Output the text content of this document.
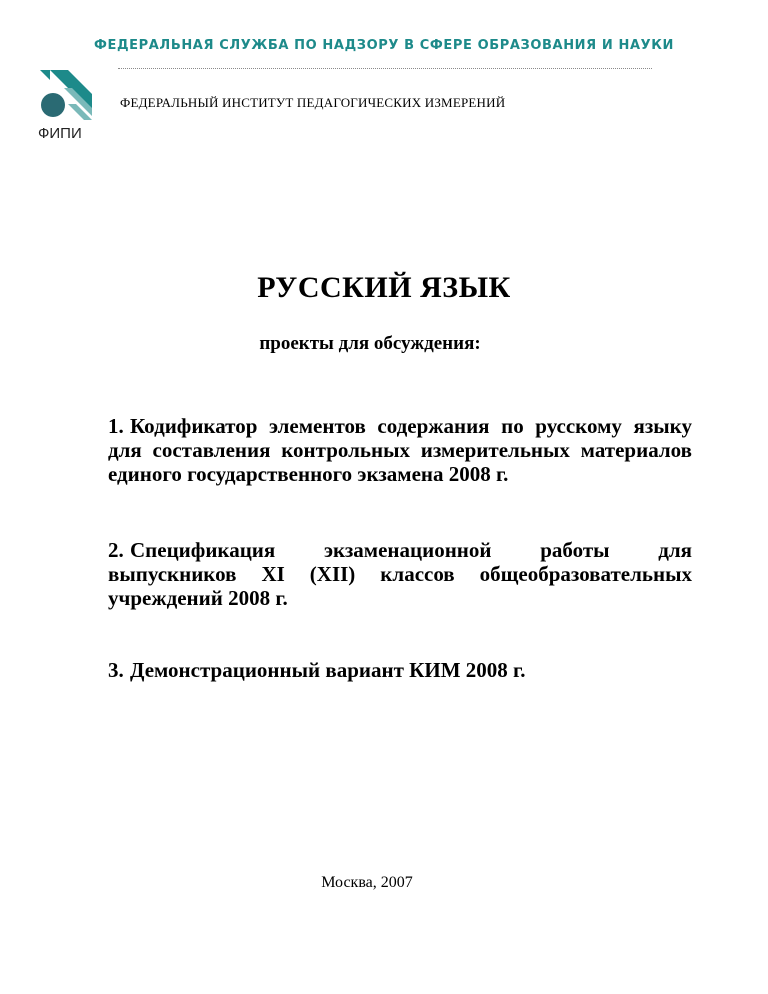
ФЕДЕРАЛЬНАЯ СЛУЖБА ПО НАДЗОРУ В СФЕРЕ ОБРАЗОВАНИЯ И НАУКИ
ФИПИ
ФЕДЕРАЛЬНЫЙ ИНСТИТУТ ПЕДАГОГИЧЕСКИХ ИЗМЕРЕНИЙ
РУССКИЙ ЯЗЫК
проекты для обсуждения:
1. Кодификатор элементов содержания по русскому языку для составления контрольных измерительных материалов единого государственного экзамена 2008 г.
2. Спецификация экзаменационной работы для выпускников XI (XII) классов общеобразовательных учреждений 2008 г.
3. Демонстрационный вариант КИМ 2008 г.
Москва, 2007
